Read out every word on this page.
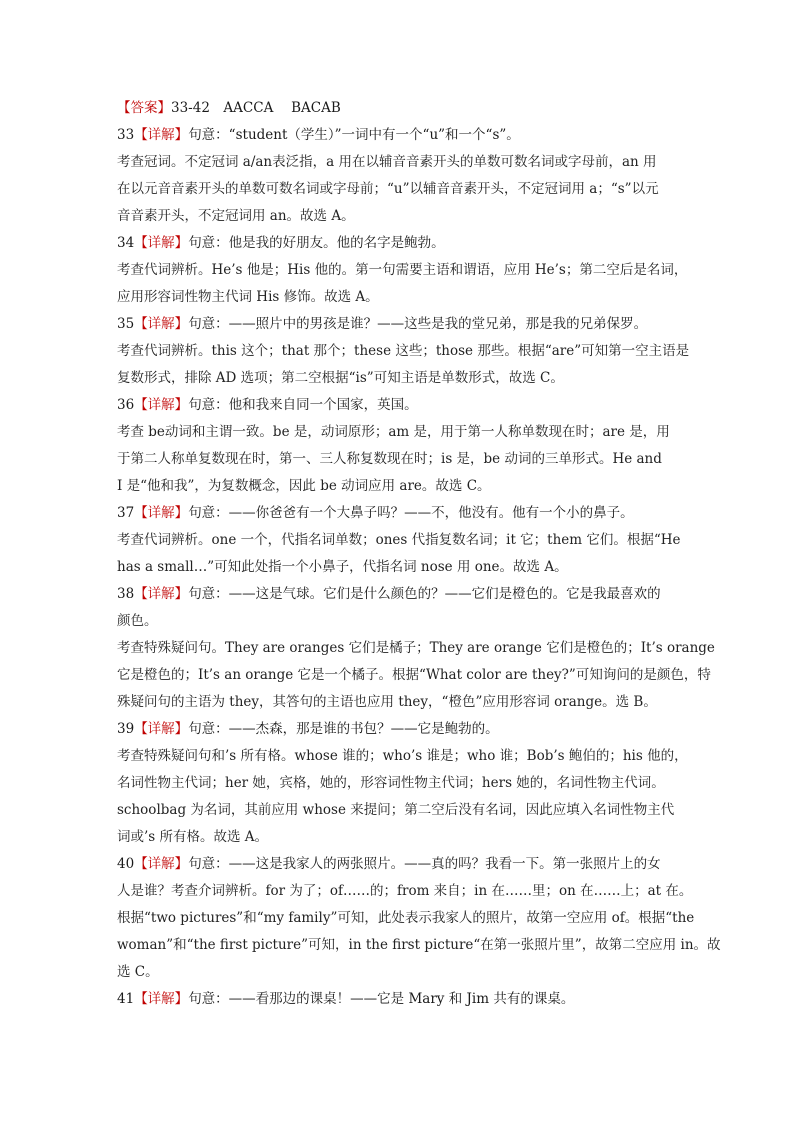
【答案】33-42　AACCA　 BACAB
33【详解】句意：“student（学生）”一词中有一个“u”和一个“s”。
考查冠词。不定冠词 a/an表泛指，a 用在以辅音音素开头的单数可数名词或字母前，an 用
在以元音音素开头的单数可数名词或字母前；“u”以辅音音素开头，不定冠词用 a；“s”以元
音音素开头，不定冠词用 an。故选 A。
34【详解】句意：他是我的好朋友。他的名字是鲍勃。
考查代词辨析。He’s 他是；His 他的。第一句需要主语和谓语，应用 He’s；第二空后是名词，
应用形容词性物主代词 His 修饰。故选 A。
35【详解】句意：——照片中的男孩是谁？——这些是我的堂兄弟，那是我的兄弟保罗。
考查代词辨析。this 这个；that 那个；these 这些；those 那些。根据“are”可知第一空主语是
复数形式，排除 AD 选项；第二空根据“is”可知主语是单数形式，故选 C。
36【详解】句意：他和我来自同一个国家，英国。
考查 be动词和主谓一致。be 是，动词原形；am 是，用于第一人称单数现在时；are 是，用
于第二人称单复数现在时，第一、三人称复数现在时；is 是，be 动词的三单形式。He and
I 是“他和我”，为复数概念，因此 be 动词应用 are。故选 C。
37【详解】句意：——你爸爸有一个大鼻子吗？——不，他没有。他有一个小的鼻子。
考查代词辨析。one 一个，代指名词单数；ones 代指复数名词；it 它；them 它们。根据“He
has a small…”可知此处指一个小鼻子，代指名词 nose 用 one。故选 A。
38【详解】句意：——这是气球。它们是什么颜色的？——它们是橙色的。它是我最喜欢的
颜色。
考查特殊疑问句。They are oranges 它们是橘子；They are orange 它们是橙色的；It’s orange
它是橙色的；It’s an orange 它是一个橘子。根据“What color are they?”可知询问的是颜色，特
殊疑问句的主语为 they，其答句的主语也应用 they，“橙色”应用形容词 orange。选 B。
39【详解】句意：——杰森，那是谁的书包？——它是鲍勃的。
考查特殊疑问句和’s 所有格。whose 谁的；who’s 谁是；who 谁；Bob’s 鲍伯的；his 他的，
名词性物主代词；her 她，宾格，她的，形容词性物主代词；hers 她的，名词性物主代词。
schoolbag 为名词，其前应用 whose 来提问；第二空后没有名词，因此应填入名词性物主代
词或’s 所有格。故选 A。
40【详解】句意：——这是我家人的两张照片。——真的吗？我看一下。第一张照片上的女
人是谁？考查介词辨析。for 为了；of……的；from 来自；in 在……里；on 在……上；at 在。
根据“two pictures”和“my family”可知，此处表示我家人的照片，故第一空应用 of。根据“the
woman”和“the first picture”可知，in the first picture“在第一张照片里”，故第二空应用 in。故
选 C。
41【详解】句意：——看那边的课桌！——它是 Mary 和 Jim 共有的课桌。
